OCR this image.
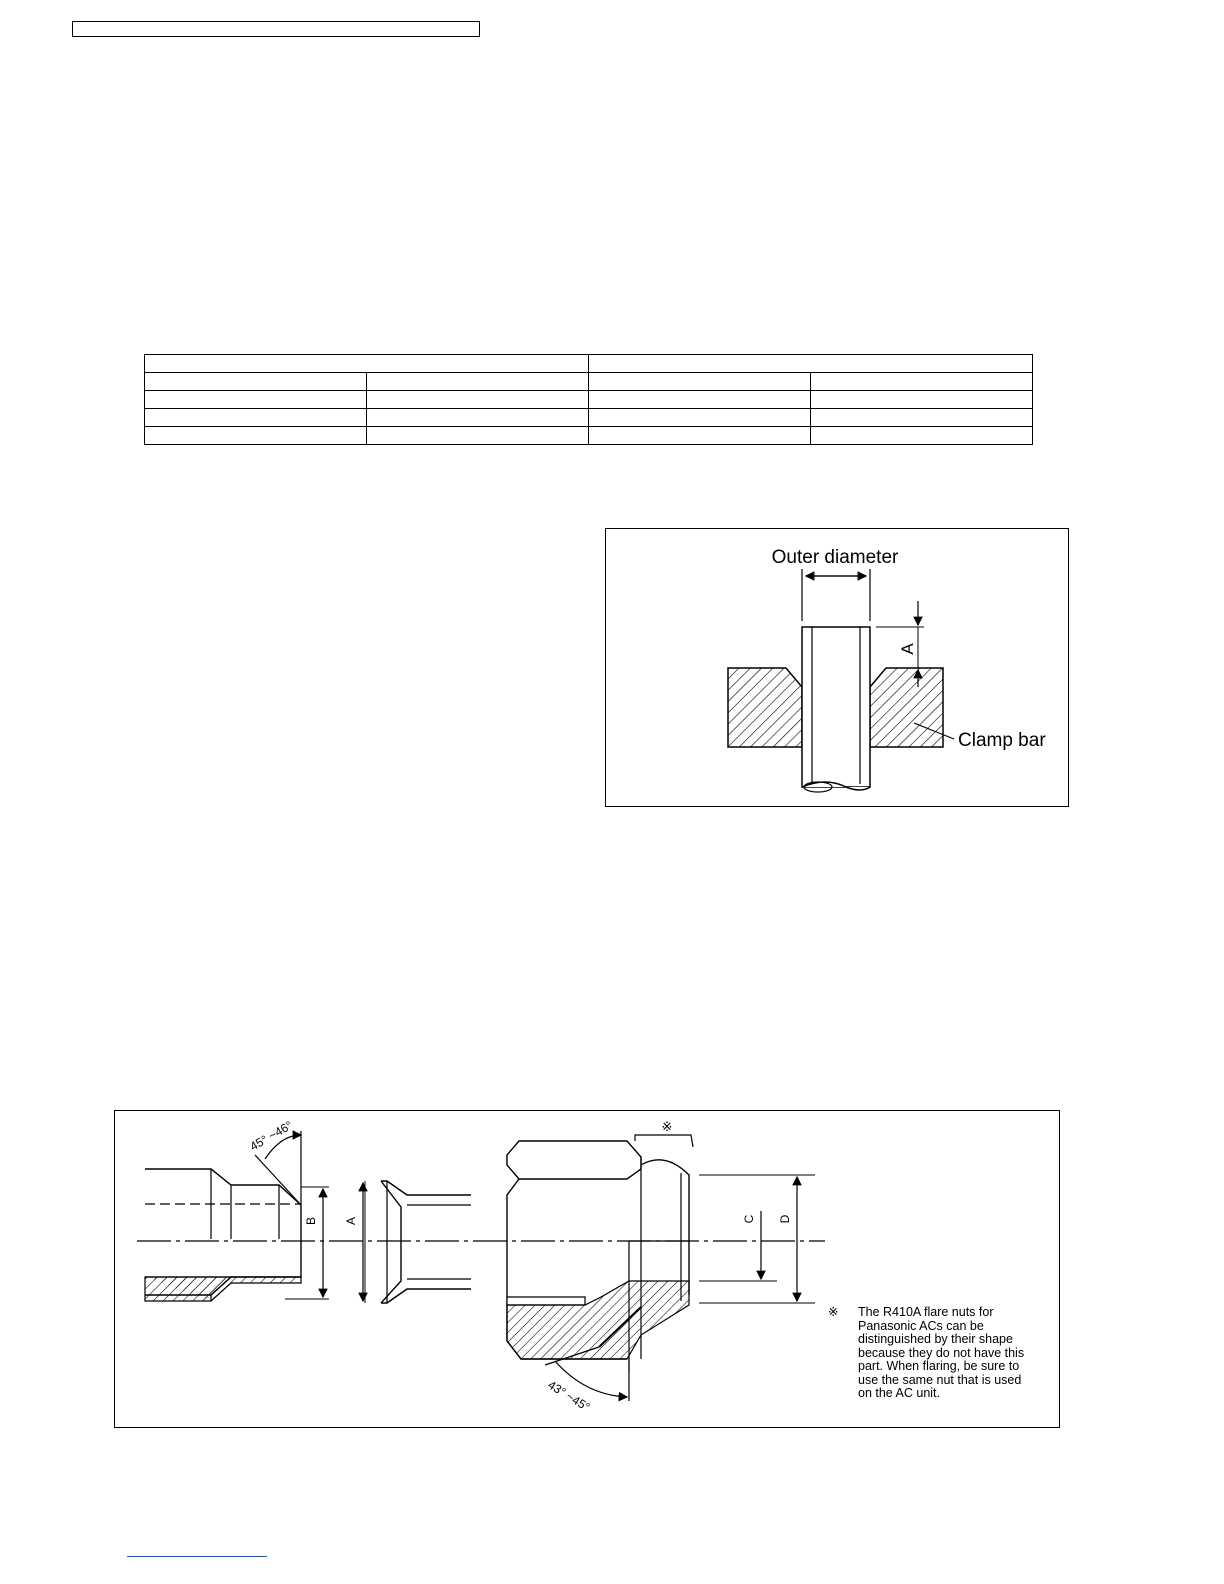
Outer diameter
A
Clamp bar
45° ~46°
B A
※
43° ~45°
C D
※ The R410A flare nuts for Panasonic ACs can be distinguished by their shape because they do not have this part. When flaring, be sure to use the same nut that is used on the AC unit.
